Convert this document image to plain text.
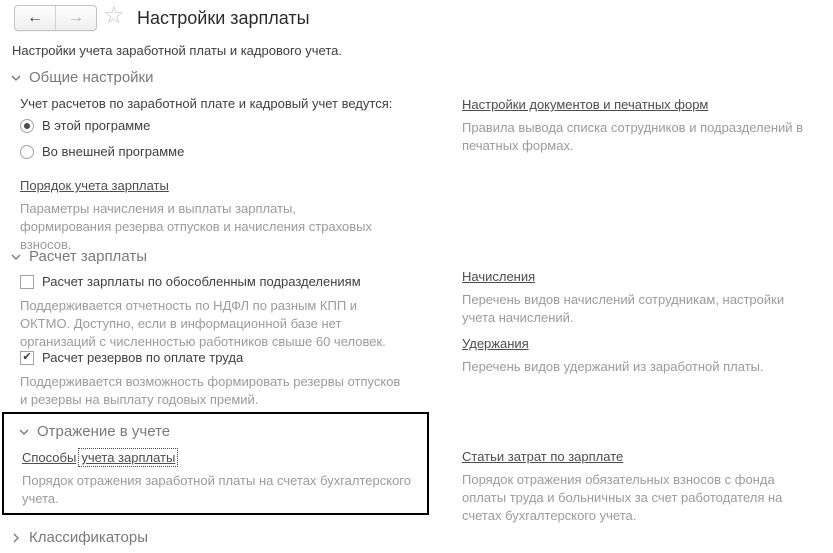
← → ☆ Настройки зарплаты
Настройки учета заработной платы и кадрового учета.
Общие настройки
Учет расчетов по заработной плате и кадровый учет ведутся:
В этой программе
Во внешней программе
Порядок учета зарплаты
Параметры начисления и выплаты зарплаты, формирования резерва отпусков и начисления страховых взносов.
Расчет зарплаты
Расчет зарплаты по обособленным подразделениям
Поддерживается отчетность по НДФЛ по разным КПП и ОКТМО. Доступно, если в информационной базе нет организаций с численностью работников свыше 60 человек.
✔ Расчет резервов по оплате труда
Поддерживается возможность формировать резервы отпусков и резервы на выплату годовых премий.
Отражение в учете
Способы учета зарплаты
Порядок отражения заработной платы на счетах бухгалтерского учета.
Классификаторы
Настройки документов и печатных форм
Правила вывода списка сотрудников и подразделений в печатных формах.
Начисления
Перечень видов начислений сотрудникам, настройки учета начислений.
Удержания
Перечень видов удержаний из заработной платы.
Статьи затрат по зарплате
Порядок отражения обязательных взносов с фонда оплаты труда и больничных за счет работодателя на счетах бухгалтерского учета.
